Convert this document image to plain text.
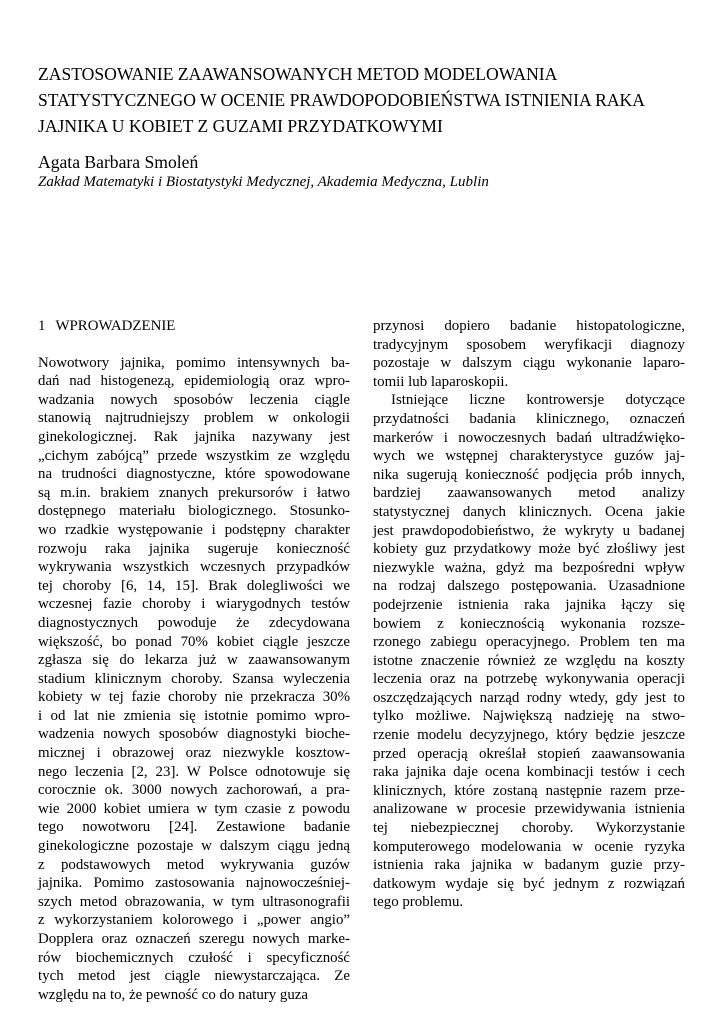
ZASTOSOWANIE ZAAWANSOWANYCH METOD MODELOWANIA
STATYSTYCZNEGO W OCENIE PRAWDOPODOBIEŃSTWA ISTNIENIA RAKA
JAJNIKA U KOBIET Z GUZAMI PRZYDATKOWYMI
Agata Barbara Smoleń
Zakład Matematyki i Biostatystyki Medycznej, Akademia Medyczna, Lublin
1 WPROWADZENIE

Nowotwory jajnika, pomimo intensywnych ba-
dań nad histogenezą, epidemiologią oraz wpro-
wadzania nowych sposobów leczenia ciągle
stanowią najtrudniejszy problem w onkologii
ginekologicznej. Rak jajnika nazywany jest
„cichym zabójcą” przede wszystkim ze względu
na trudności diagnostyczne, które spowodowane
są m.in. brakiem znanych prekursorów i łatwo
dostępnego materiału biologicznego. Stosunko-
wo rzadkie występowanie i podstępny charakter
rozwoju raka jajnika sugeruje konieczność
wykrywania wszystkich wczesnych przypadków
tej choroby [6, 14, 15]. Brak dolegliwości we
wczesnej fazie choroby i wiarygodnych testów
diagnostycznych powoduje że zdecydowana
większość, bo ponad 70% kobiet ciągle jeszcze
zgłasza się do lekarza już w zaawansowanym
stadium klinicznym choroby. Szansa wyleczenia
kobiety w tej fazie choroby nie przekracza 30%
i od lat nie zmienia się istotnie pomimo wpro-
wadzenia nowych sposobów diagnostyki bioche-
micznej i obrazowej oraz niezwykle kosztow-
nego leczenia [2, 23]. W Polsce odnotowuje się
corocznie ok. 3000 nowych zachorowań, a pra-
wie 2000 kobiet umiera w tym czasie z powodu
tego nowotworu [24]. Zestawione badanie
ginekologiczne pozostaje w dalszym ciągu jedną
z podstawowych metod wykrywania guzów
jajnika. Pomimo zastosowania najnowocześniej-
szych metod obrazowania, w tym ultrasonografii
z wykorzystaniem kolorowego i „power angio”
Dopplera oraz oznaczeń szeregu nowych marke-
rów biochemicznych czułość i specyficzność
tych metod jest ciągle niewystarczająca. Ze
względu na to, że pewność co do natury guza

przynosi dopiero badanie histopatologiczne,
tradycyjnym sposobem weryfikacji diagnozy
pozostaje w dalszym ciągu wykonanie laparo-
tomii lub laparoskopii.

Istniejące liczne kontrowersje dotyczące
przydatności badania klinicznego, oznaczeń
markerów i nowoczesnych badań ultradźwięko-
wych we wstępnej charakterystyce guzów jaj-
nika sugerują konieczność podjęcia prób innych,
bardziej zaawansowanych metod analizy
statystycznej danych klinicznych. Ocena jakie
jest prawdopodobieństwo, że wykryty u badanej
kobiety guz przydatkowy może być złośliwy jest
niezwykle ważna, gdyż ma bezpośredni wpływ
na rodzaj dalszego postępowania. Uzasadnione
podejrzenie istnienia raka jajnika łączy się
bowiem z koniecznością wykonania rozsze-
rzonego zabiegu operacyjnego. Problem ten ma
istotne znaczenie również ze względu na koszty
leczenia oraz na potrzebę wykonywania operacji
oszczędzających narząd rodny wtedy, gdy jest to
tylko możliwe. Największą nadzieję na stwo-
rzenie modelu decyzyjnego, który będzie jeszcze
przed operacją określał stopień zaawansowania
raka jajnika daje ocena kombinacji testów i cech
klinicznych, które zostaną następnie razem prze-
analizowane w procesie przewidywania istnienia
tej niebezpiecznej choroby. Wykorzystanie
komputerowego modelowania w ocenie ryzyka
istnienia raka jajnika w badanym guzie przy-
datkowym wydaje się być jednym z rozwiązań
tego problemu.
